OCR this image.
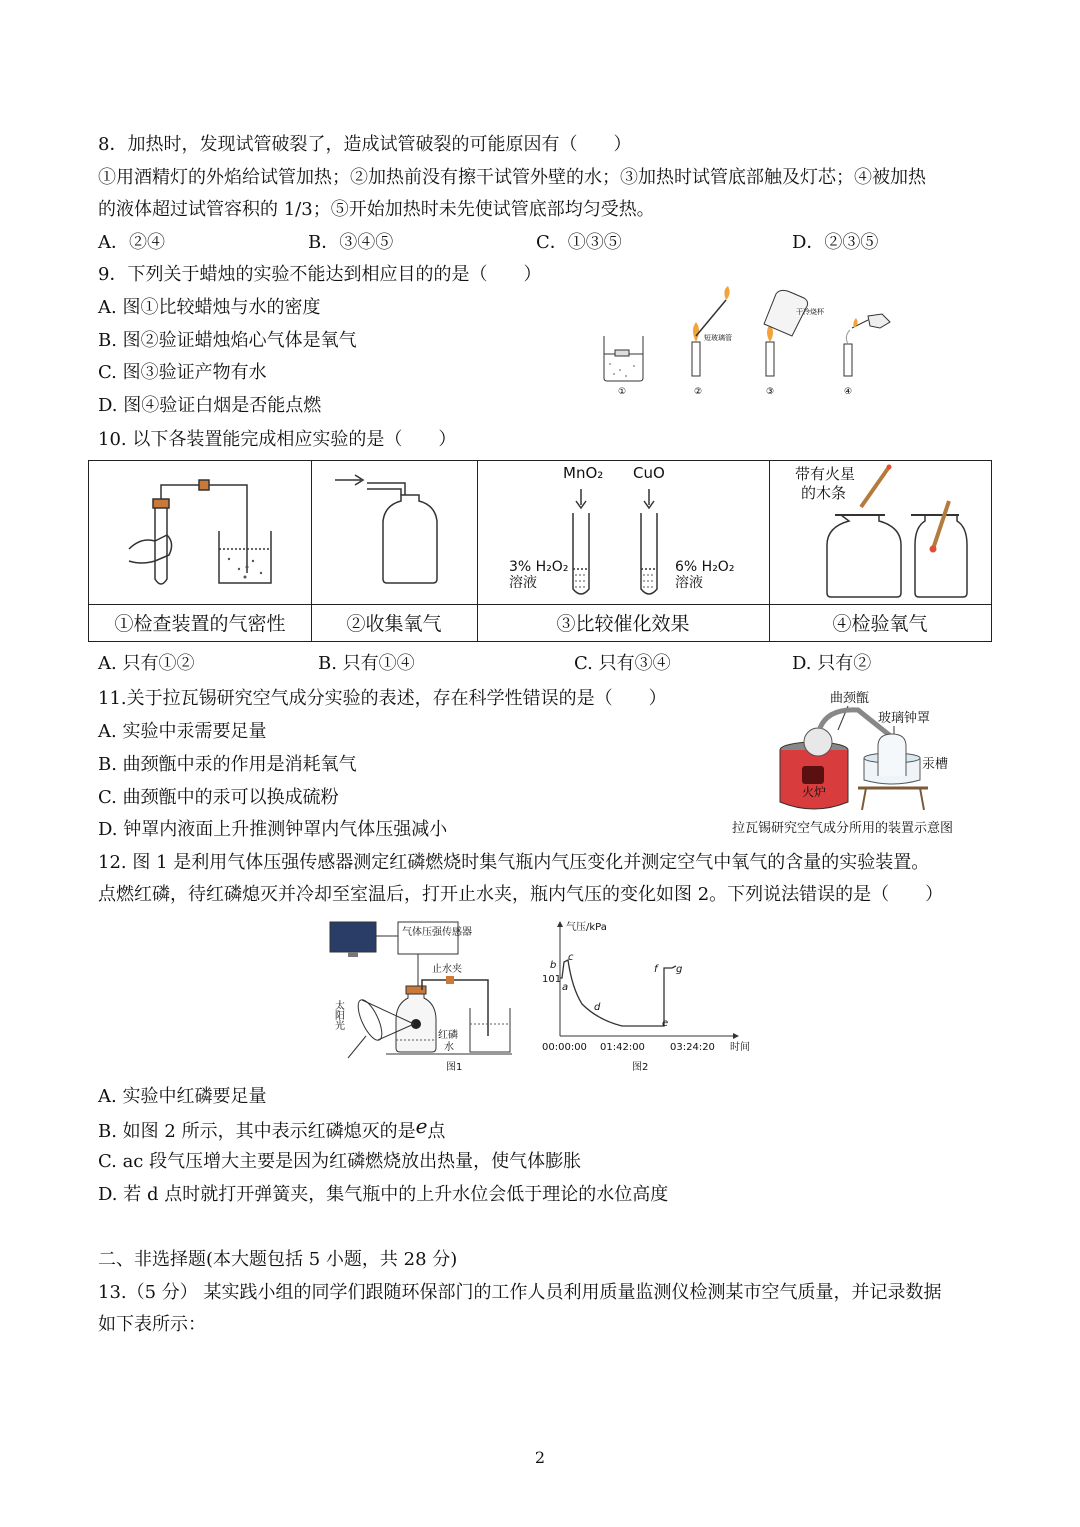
8．加热时，发现试管破裂了，造成试管破裂的可能原因有（　　）
①用酒精灯的外焰给试管加热；②加热前没有擦干试管外壁的水；③加热时试管底部触及灯芯；④被加热
的液体超过试管容积的 1/3；⑤开始加热时未先使试管底部均匀受热。
A．②④	B．③④⑤	C．①③⑤	D．②③⑤
9．下列关于蜡烛的实验不能达到相应目的的是（　　）
A. 图①比较蜡烛与水的密度
B. 图②验证蜡烛焰心气体是氧气
C. 图③验证产物有水
D. 图④验证白烟是否能点燃
①
短玻璃管
②
干冷烧杯
③	④
10. 以下各装置能完成相应实验的是（　　）
MnO₂ CuO
3% H₂O₂
溶液
6% H₂O₂
溶液
带有火星
的木条
①检查装置的气密性	②收集氧气	③比较催化效果	④检验氧气
A. 只有①②	B. 只有①④	C. 只有③④	D. 只有②
11.关于拉瓦锡研究空气成分实验的表述，存在科学性错误的是（　　）
A. 实验中汞需要足量
B. 曲颈甑中汞的作用是消耗氧气
C. 曲颈甑中的汞可以换成硫粉
D. 钟罩内液面上升推测钟罩内气体压强减小
曲颈甑
玻璃钟罩
汞槽
火炉
拉瓦锡研究空气成分所用的装置示意图
12. 图 1 是利用气体压强传感器测定红磷燃烧时集气瓶内气压变化并测定空气中氧气的含量的实验装置。
点燃红磷，待红磷熄灭并冷却至室温后，打开止水夹，瓶内气压的变化如图 2。下列说法错误的是（　　）
气体压强传感器
止水夹
红磷
水
太阳光
图1
气压/kPa
时间
101
00:00:00 01:42:00	03:24:20
a
b
c
d
e
f g
图2
A. 实验中红磷要足量
B. 如图 2 所示，其中表示红磷熄灭的是e点
C. ac 段气压增大主要是因为红磷燃烧放出热量，使气体膨胀
D. 若 d 点时就打开弹簧夹，集气瓶中的上升水位会低于理论的水位高度
二、非选择题(本大题包括 5 小题，共 28 分)
13.（5 分） 某实践小组的同学们跟随环保部门的工作人员利用质量监测仪检测某市空气质量，并记录数据
如下表所示：
2
